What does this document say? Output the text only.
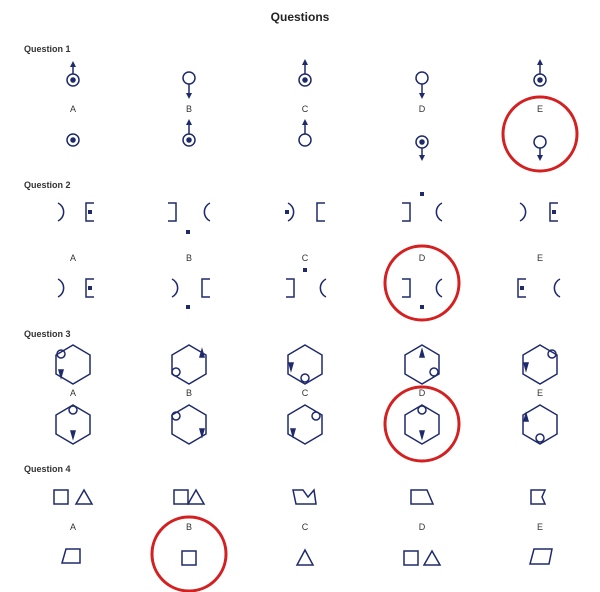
Questions
Question 1
Question 2
Question 3
Question 4
A	B	C	D	E
A	B	C	D	E
A	B	C	D	E
A	B	C	D	E
© SHL
